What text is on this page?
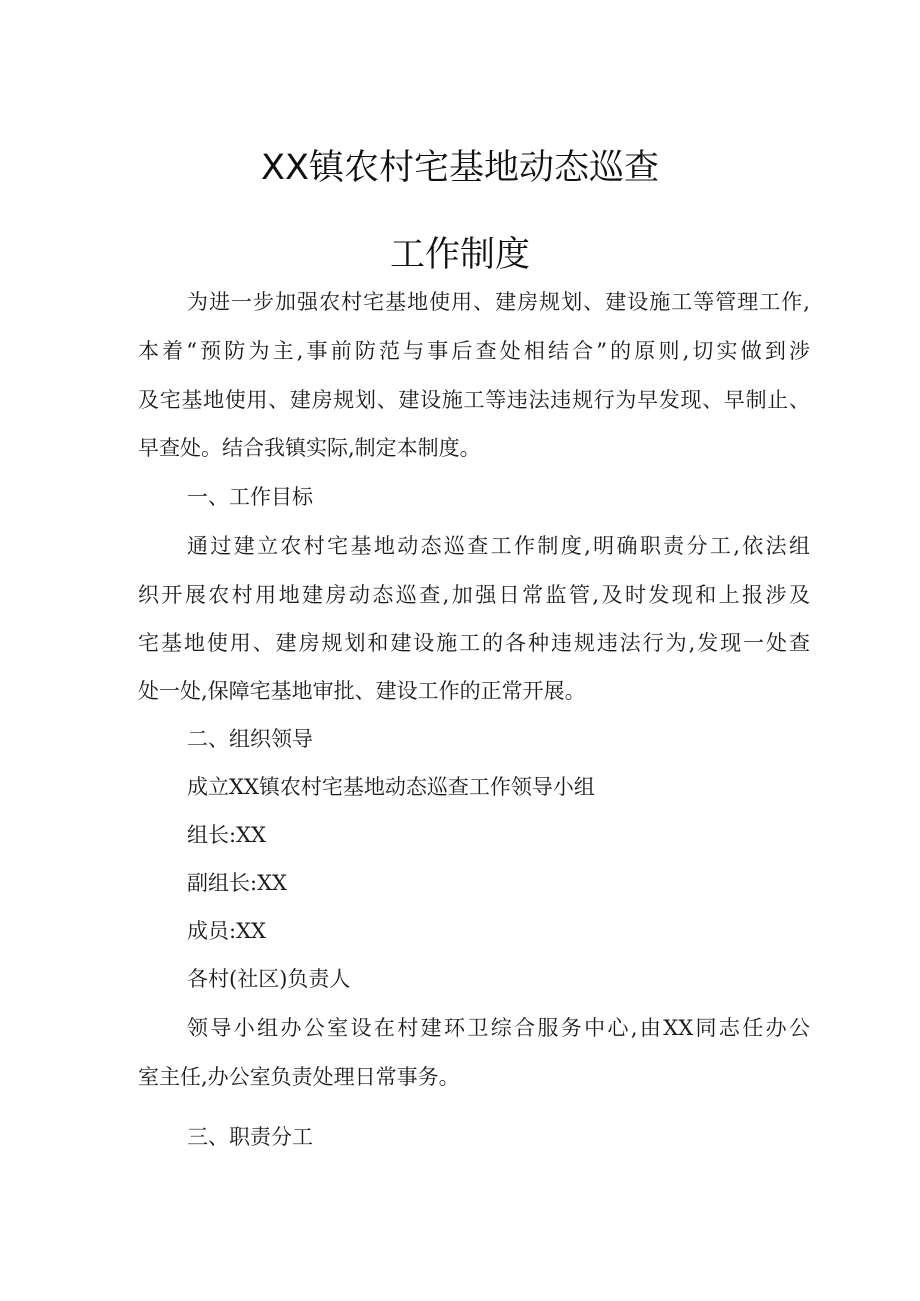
XX镇农村宅基地动态巡查
工作制度
为进一步加强农村宅基地使用、建房规划、建设施工等管理工作,
本着“预防为主,事前防范与事后查处相结合”的原则,切实做到涉
及宅基地使用、建房规划、建设施工等违法违规行为早发现、早制止、
早查处。结合我镇实际,制定本制度。
一、工作目标
通过建立农村宅基地动态巡查工作制度,明确职责分工,依法组
织开展农村用地建房动态巡查,加强日常监管,及时发现和上报涉及
宅基地使用、建房规划和建设施工的各种违规违法行为,发现一处查
处一处,保障宅基地审批、建设工作的正常开展。
二、组织领导
成立XX镇农村宅基地动态巡查工作领导小组
组长:XX
副组长:XX
成员:XX
各村(社区)负责人
领导小组办公室设在村建环卫综合服务中心,由XX同志任办公
室主任,办公室负责处理日常事务。
三、职责分工
